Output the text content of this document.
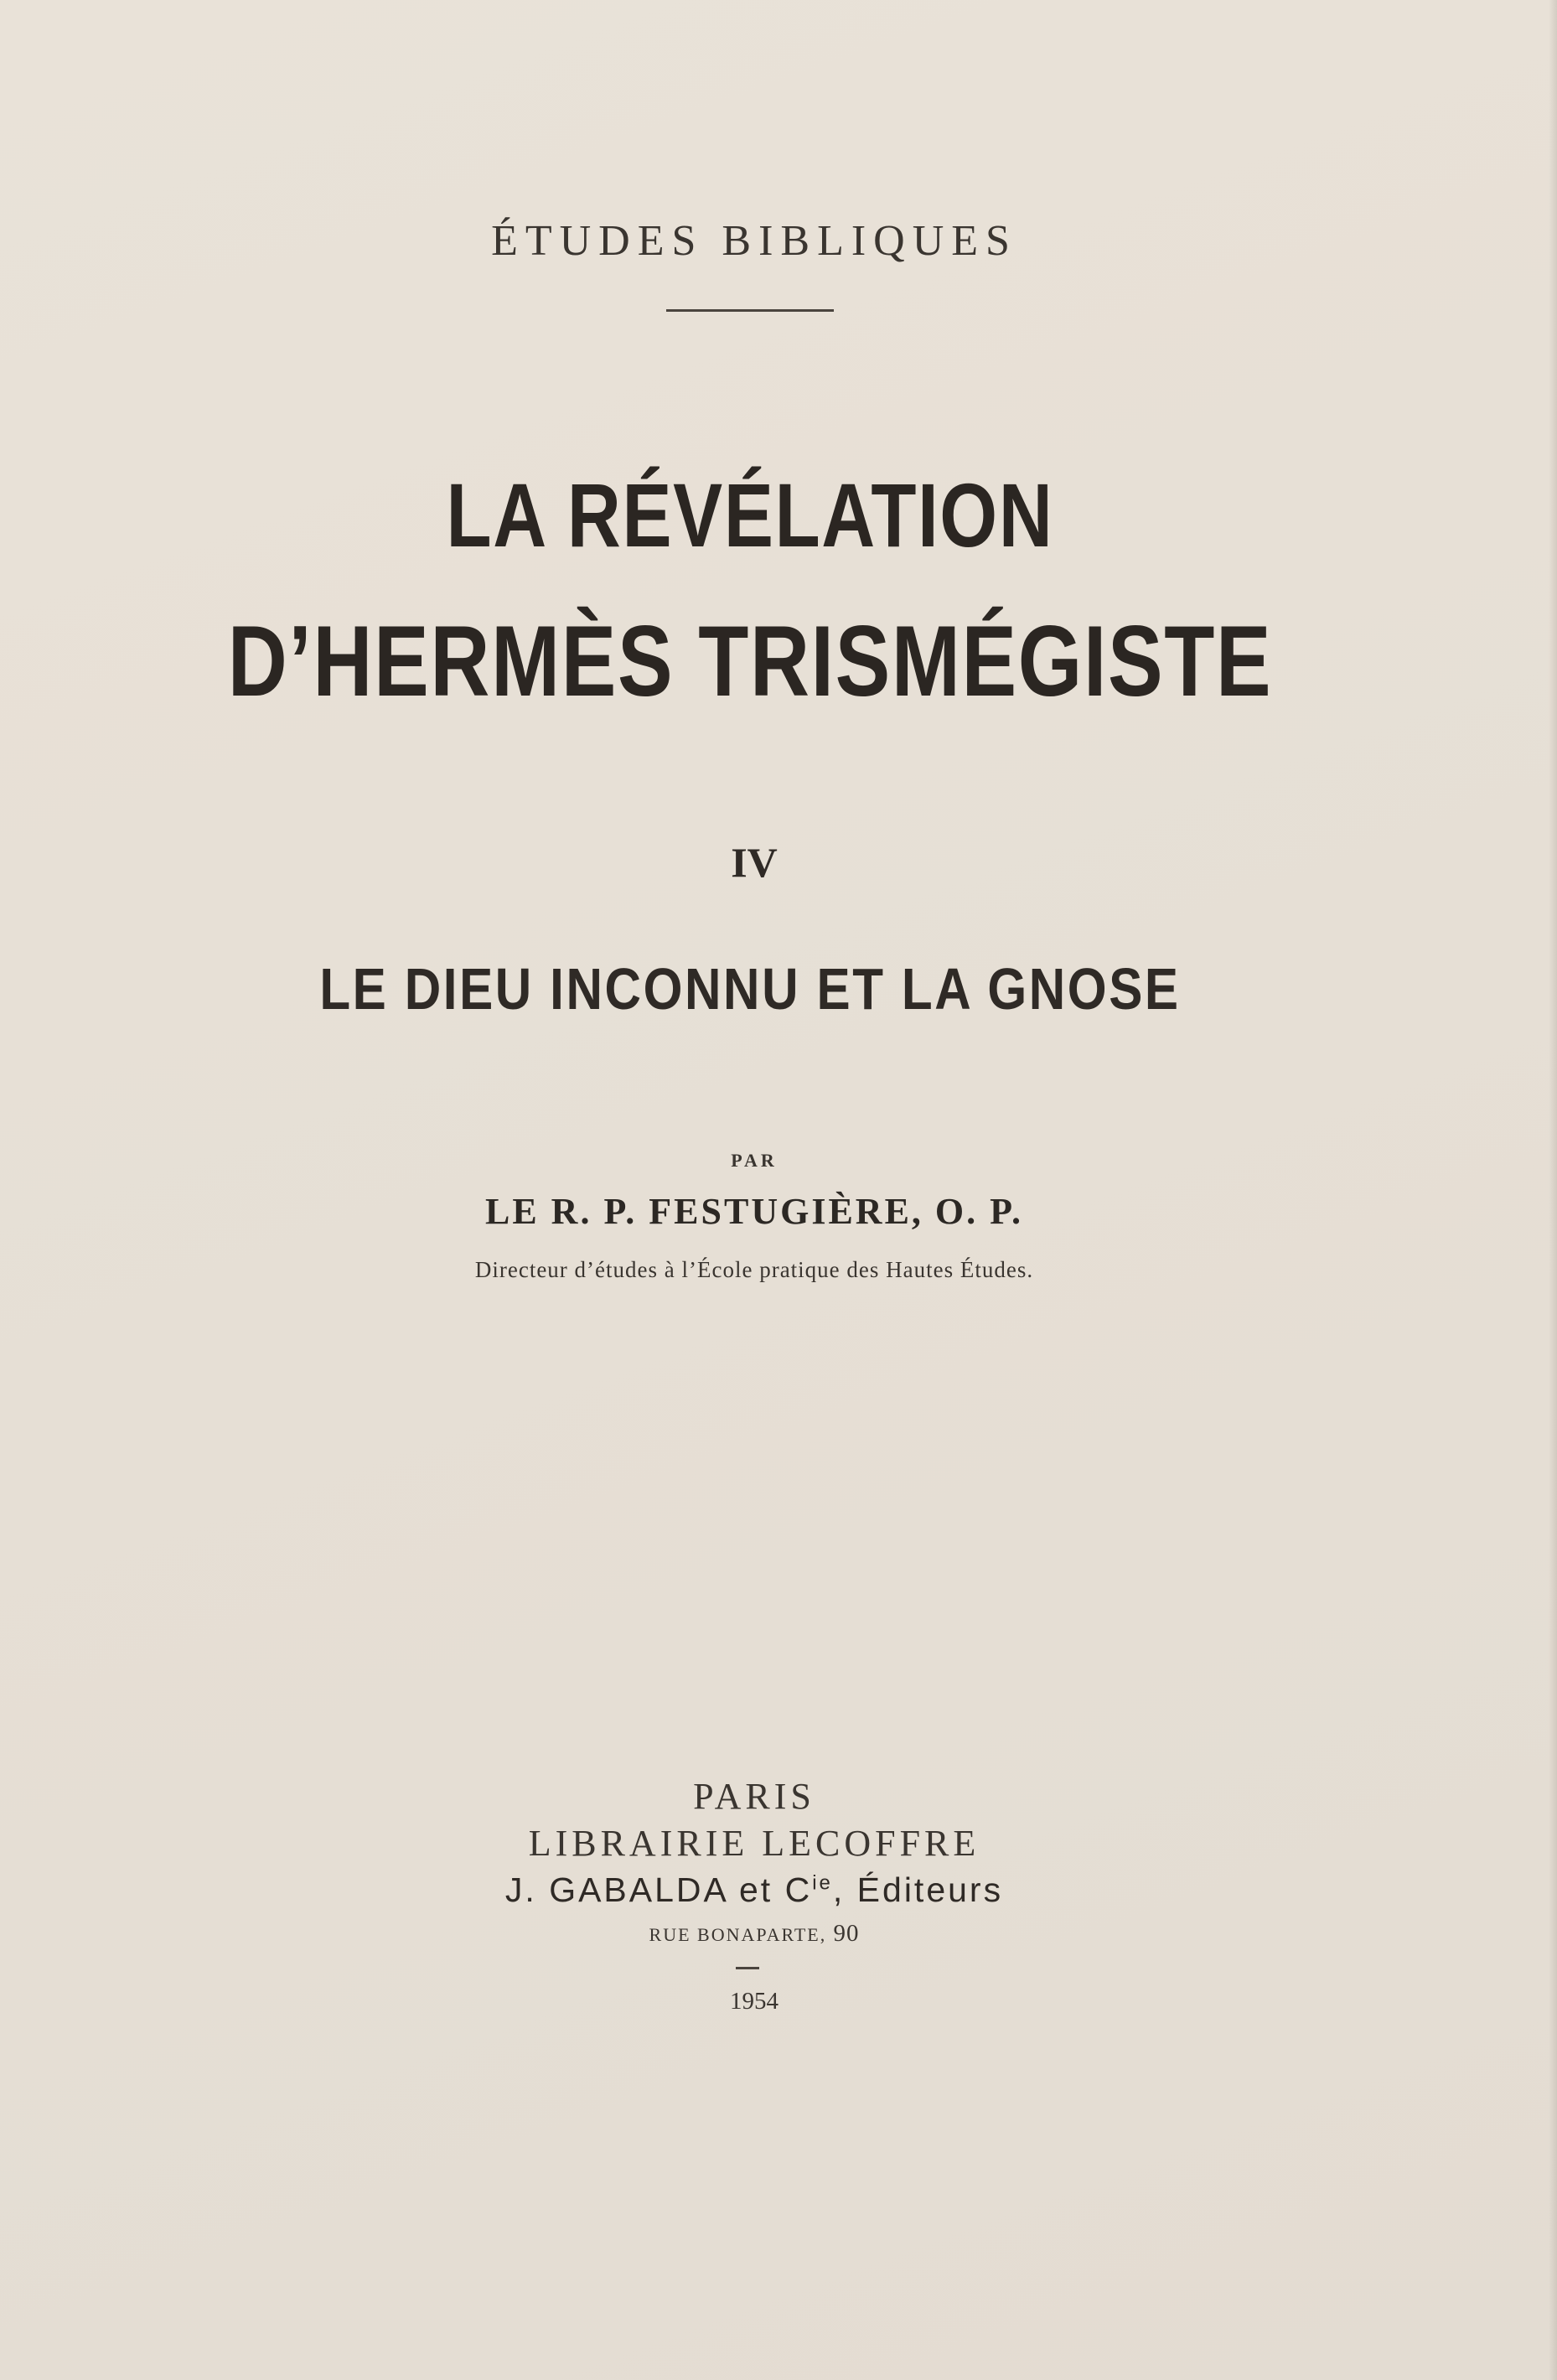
ÉTUDES BIBLIQUES
LA RÉVÉLATION
D’HERMÈS TRISMÉGISTE
IV
LE DIEU INCONNU ET LA GNOSE
PAR
LE R. P. FESTUGIÈRE, O. P.
Directeur d’études à l’École pratique des Hautes Études.
PARIS
LIBRAIRIE LECOFFRE
J. GABALDA et $C^{ie}$, Éditeurs
RUE BONAPARTE, 90
1954
